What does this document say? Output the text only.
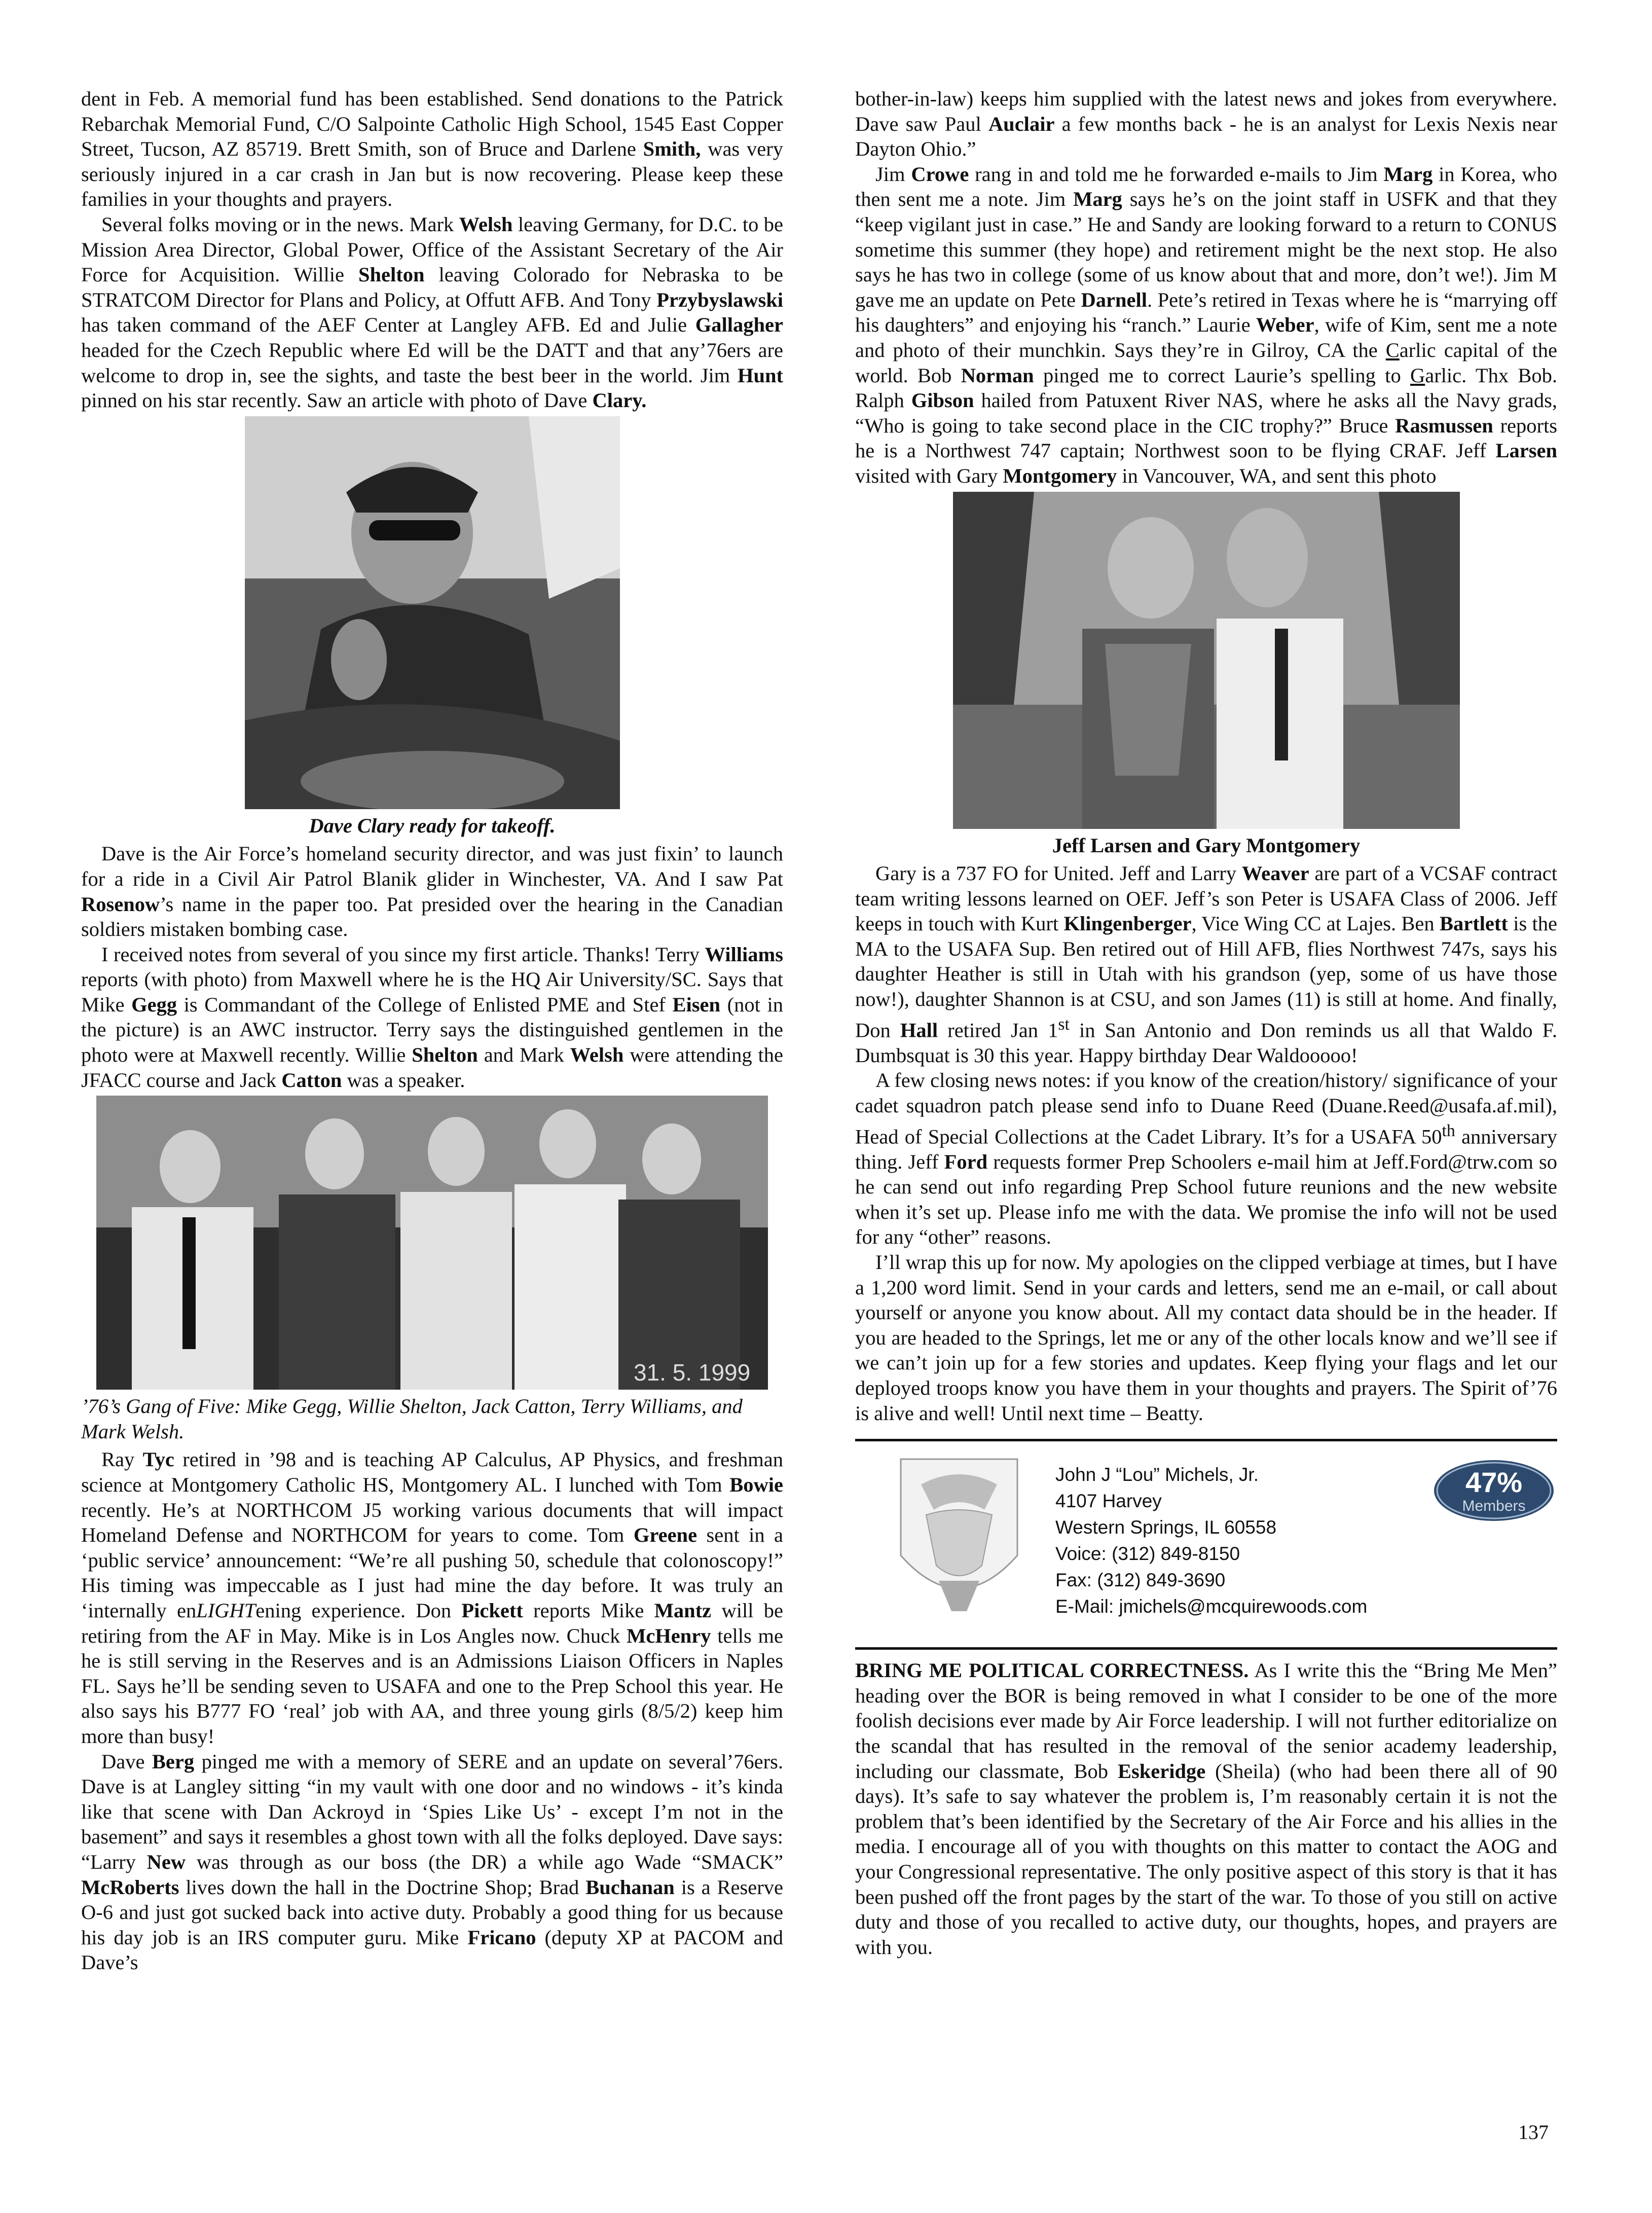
dent in Feb. A memorial fund has been established. Send donations to the Patrick Rebarchak Memorial Fund, C/O Salpointe Catholic High School, 1545 East Copper Street, Tucson, AZ 85719. Brett Smith, son of Bruce and Darlene Smith, was very seriously injured in a car crash in Jan but is now recovering. Please keep these families in your thoughts and prayers.

Several folks moving or in the news. Mark Welsh leaving Germany, for D.C. to be Mission Area Director, Global Power, Office of the Assistant Secretary of the Air Force for Acquisition. Willie Shelton leaving Colorado for Nebraska to be STRATCOM Director for Plans and Policy, at Offutt AFB. And Tony Przybyslawski has taken command of the AEF Center at Langley AFB. Ed and Julie Gallagher headed for the Czech Republic where Ed will be the DATT and that any’76ers are welcome to drop in, see the sights, and taste the best beer in the world. Jim Hunt pinned on his star recently. Saw an article with photo of Dave Clary.

Dave Clary ready for takeoff.

Dave is the Air Force’s homeland security director, and was just fixin’ to launch for a ride in a Civil Air Patrol Blanik glider in Winchester, VA. And I saw Pat Rosenow’s name in the paper too. Pat presided over the hearing in the Canadian soldiers mistaken bombing case.

I received notes from several of you since my first article. Thanks! Terry Williams reports (with photo) from Maxwell where he is the HQ Air University/SC. Says that Mike Gegg is Commandant of the College of Enlisted PME and Stef Eisen (not in the picture) is an AWC instructor. Terry says the distinguished gentlemen in the photo were at Maxwell recently. Willie Shelton and Mark Welsh were attending the JFACC course and Jack Catton was a speaker.

31. 5. 1999
’76’s Gang of Five: Mike Gegg, Willie Shelton, Jack Catton, Terry Williams, and Mark Welsh.

Ray Tyc retired in ’98 and is teaching AP Calculus, AP Physics, and freshman science at Montgomery Catholic HS, Montgomery AL. I lunched with Tom Bowie recently. He’s at NORTHCOM J5 working various documents that will impact Homeland Defense and NORTHCOM for years to come. Tom Greene sent in a ‘public service’ announcement: “We’re all pushing 50, schedule that colonoscopy!” His timing was impeccable as I just had mine the day before. It was truly an ‘internally enLIGHTening experience. Don Pickett reports Mike Mantz will be retiring from the AF in May. Mike is in Los Angles now. Chuck McHenry tells me he is still serving in the Reserves and is an Admissions Liaison Officers in Naples FL. Says he’ll be sending seven to USAFA and one to the Prep School this year. He also says his B777 FO ‘real’ job with AA, and three young girls (8/5/2) keep him more than busy!

Dave Berg pinged me with a memory of SERE and an update on several’76ers. Dave is at Langley sitting “in my vault with one door and no windows - it’s kinda like that scene with Dan Ackroyd in ‘Spies Like Us’ - except I’m not in the basement” and says it resembles a ghost town with all the folks deployed. Dave says: “Larry New was through as our boss (the DR) a while ago Wade “SMACK” McRoberts lives down the hall in the Doctrine Shop; Brad Buchanan is a Reserve O-6 and just got sucked back into active duty. Probably a good thing for us because his day job is an IRS computer guru. Mike Fricano (deputy XP at PACOM and Dave’s

bother-in-law) keeps him supplied with the latest news and jokes from everywhere. Dave saw Paul Auclair a few months back - he is an analyst for Lexis Nexis near Dayton Ohio.”

Jim Crowe rang in and told me he forwarded e-mails to Jim Marg in Korea, who then sent me a note. Jim Marg says he’s on the joint staff in USFK and that they “keep vigilant just in case.” He and Sandy are looking forward to a return to CONUS sometime this summer (they hope) and retirement might be the next stop. He also says he has two in college (some of us know about that and more, don’t we!). Jim M gave me an update on Pete Darnell. Pete’s retired in Texas where he is “marrying off his daughters” and enjoying his “ranch.” Laurie Weber, wife of Kim, sent me a note and photo of their munchkin. Says they’re in Gilroy, CA the Carlic capital of the world. Bob Norman pinged me to correct Laurie’s spelling to Garlic. Thx Bob. Ralph Gibson hailed from Patuxent River NAS, where he asks all the Navy grads, “Who is going to take second place in the CIC trophy?” Bruce Rasmussen reports he is a Northwest 747 captain; Northwest soon to be flying CRAF. Jeff Larsen visited with Gary Montgomery in Vancouver, WA, and sent this photo

Jeff Larsen and Gary Montgomery

Gary is a 737 FO for United. Jeff and Larry Weaver are part of a VCSAF contract team writing lessons learned on OEF. Jeff’s son Peter is USAFA Class of 2006. Jeff keeps in touch with Kurt Klingenberger, Vice Wing CC at Lajes. Ben Bartlett is the MA to the USAFA Sup. Ben retired out of Hill AFB, flies Northwest 747s, says his daughter Heather is still in Utah with his grandson (yep, some of us have those now!), daughter Shannon is at CSU, and son James (11) is still at home. And finally, Don Hall retired Jan 1st in San Antonio and Don reminds us all that Waldo F. Dumbsquat is 30 this year. Happy birthday Dear Waldooooo!

A few closing news notes: if you know of the creation/history/ significance of your cadet squadron patch please send info to Duane Reed (Duane.Reed@usafa.af.mil), Head of Special Collections at the Cadet Library. It’s for a USAFA 50th anniversary thing. Jeff Ford requests former Prep Schoolers e-mail him at Jeff.Ford@trw.com so he can send out info regarding Prep School future reunions and the new website when it’s set up. Please info me with the data. We promise the info will not be used for any “other” reasons.

I’ll wrap this up for now. My apologies on the clipped verbiage at times, but I have a 1,200 word limit. Send in your cards and letters, send me an e-mail, or call about yourself or anyone you know about. All my contact data should be in the header. If you are headed to the Springs, let me or any of the other locals know and we’ll see if we can’t join up for a few stories and updates. Keep flying your flags and let our deployed troops know you have them in your thoughts and prayers. The Spirit of’76 is alive and well! Until next time – Beatty.

John J “Lou” Michels, Jr.
4107 Harvey
Western Springs, IL 60558
Voice: (312) 849-8150
Fax: (312) 849-3690
E-Mail: jmichels@mcquirewoods.com
47%
Members

BRING ME POLITICAL CORRECTNESS. As I write this the “Bring Me Men” heading over the BOR is being removed in what I consider to be one of the more foolish decisions ever made by Air Force leadership. I will not further editorialize on the scandal that has resulted in the removal of the senior academy leadership, including our classmate, Bob Eskeridge (Sheila) (who had been there all of 90 days). It’s safe to say whatever the problem is, I’m reasonably certain it is not the problem that’s been identified by the Secretary of the Air Force and his allies in the media. I encourage all of you with thoughts on this matter to contact the AOG and your Congressional representative. The only positive aspect of this story is that it has been pushed off the front pages by the start of the war. To those of you still on active duty and those of you recalled to active duty, our thoughts, hopes, and prayers are with you.

137
